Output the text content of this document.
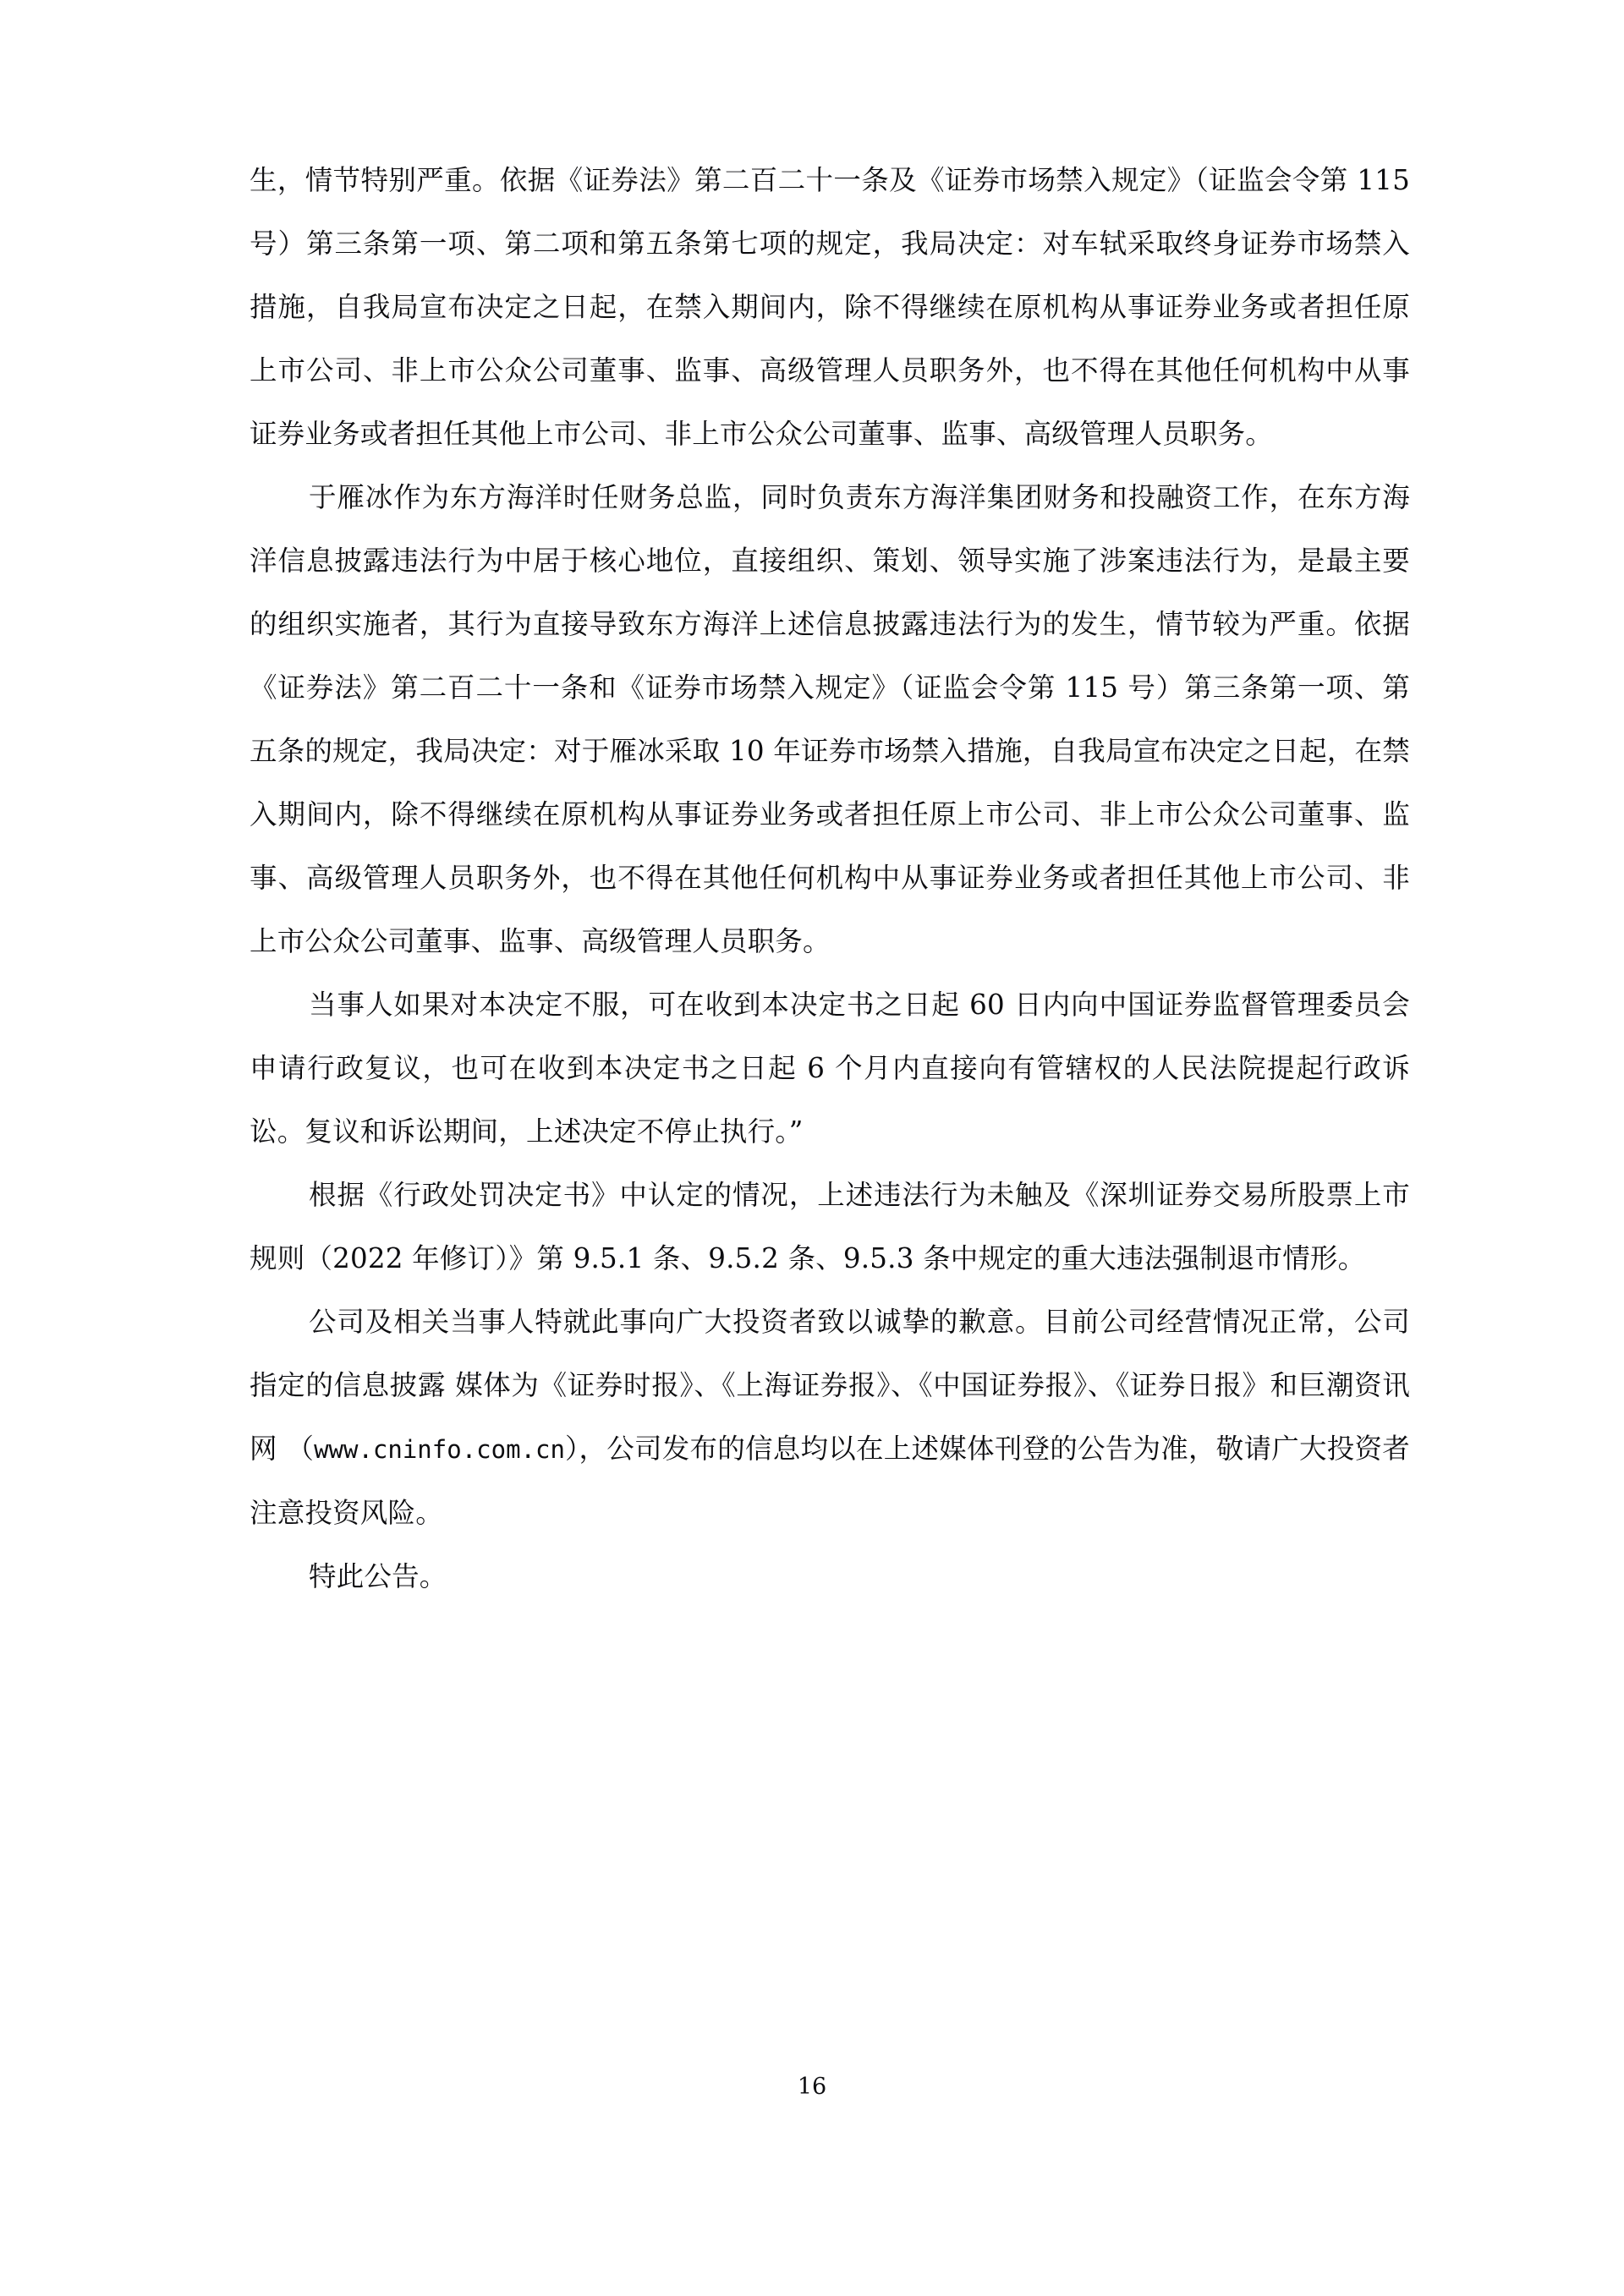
生，情节特别严重。依据《证券法》第二百二十一条及《证券市场禁入规定》（证监会令第 115 号）第三条第一项、第二项和第五条第七项的规定，我局决定：对车轼采取终身证券市场禁入措施，自我局宣布决定之日起，在禁入期间内，除不得继续在原机构从事证券业务或者担任原上市公司、非上市公众公司董事、监事、高级管理人员职务外，也不得在其他任何机构中从事证券业务或者担任其他上市公司、非上市公众公司董事、监事、高级管理人员职务。

于雁冰作为东方海洋时任财务总监，同时负责东方海洋集团财务和投融资工作，在东方海洋信息披露违法行为中居于核心地位，直接组织、策划、领导实施了涉案违法行为，是最主要的组织实施者，其行为直接导致东方海洋上述信息披露违法行为的发生，情节较为严重。依据《证券法》第二百二十一条和《证券市场禁入规定》（证监会令第 115 号）第三条第一项、第五条的规定，我局决定：对于雁冰采取 10 年证券市场禁入措施，自我局宣布决定之日起，在禁入期间内，除不得继续在原机构从事证券业务或者担任原上市公司、非上市公众公司董事、监事、高级管理人员职务外，也不得在其他任何机构中从事证券业务或者担任其他上市公司、非上市公众公司董事、监事、高级管理人员职务。

当事人如果对本决定不服，可在收到本决定书之日起 60 日内向中国证券监督管理委员会申请行政复议，也可在收到本决定书之日起 6 个月内直接向有管辖权的人民法院提起行政诉讼。复议和诉讼期间，上述决定不停止执行。”

根据《行政处罚决定书》中认定的情况，上述违法行为未触及《深圳证券交易所股票上市规则（2022 年修订）》第 9.5.1 条、9.5.2 条、9.5.3 条中规定的重大违法强制退市情形。

公司及相关当事人特就此事向广大投资者致以诚挚的歉意。目前公司经营情况正常，公司指定的信息披露 媒体为《证券时报》、《上海证券报》、《中国证券报》、《证券日报》和巨潮资讯网 （www.cninfo.com.cn），公司发布的信息均以在上述媒体刊登的公告为准，敬请广大投资者注意投资风险。

特此公告。

16
